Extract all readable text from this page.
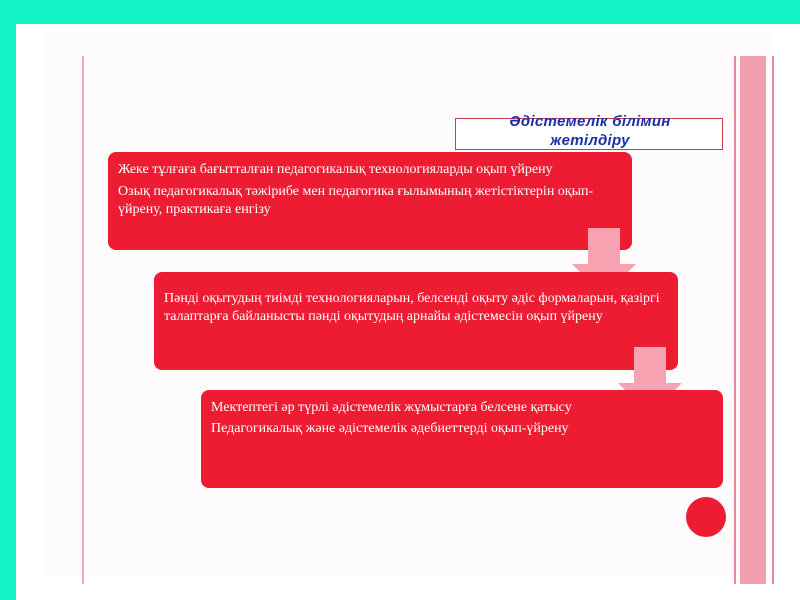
Әдістемелік білімин жетілдіру

Жеке тұлғаға бағытталған педагогикалық технологияларды оқып үйрену

Озық педагогикалық тәжірибе мен педагогика ғылымының жетістіктерін оқып-үйрену, практикаға енгізу

Пәнді оқытудың тиімді технологияларын, белсенді оқыту әдіс формаларын, қазіргі талаптарға байланысты пәнді оқытудың арнайы әдістемесін оқып үйрену

Мектептегі әр түрлі әдістемелік жұмыстарға белсене қатысу

Педагогикалық және әдістемелік әдебиеттерді оқып-үйрену
